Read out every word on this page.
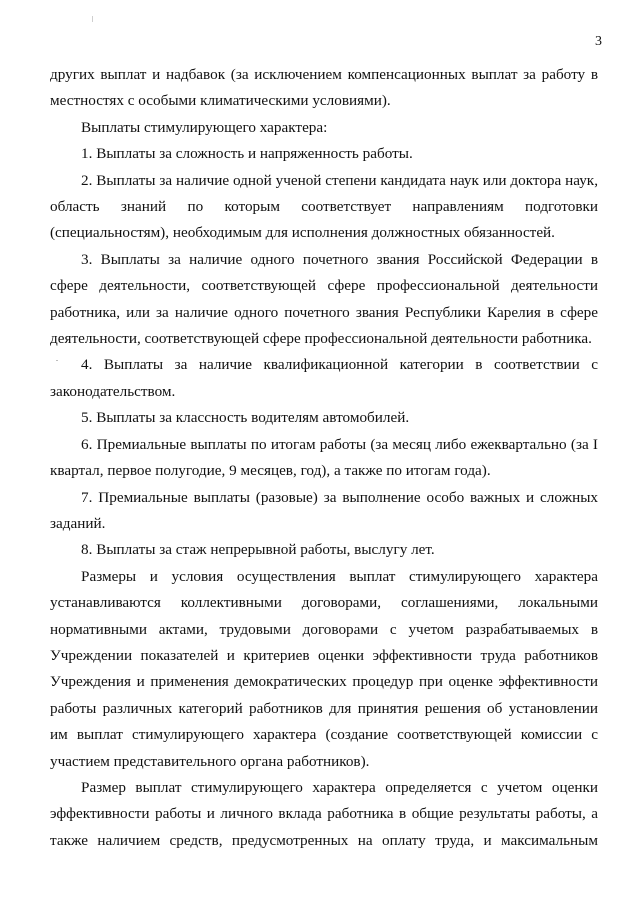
3

других выплат и надбавок (за исключением компенсационных выплат за работу в местностях с особыми климатическими условиями).

Выплаты стимулирующего характера:

1. Выплаты за сложность и напряженность работы.

2. Выплаты за наличие одной ученой степени кандидата наук или доктора наук, область знаний по которым соответствует направлениям подготовки (специальностям), необходимым для исполнения должностных обязанностей.

3. Выплаты за наличие одного почетного звания Российской Федерации в сфере деятельности, соответствующей сфере профессиональной деятельности работника, или за наличие одного почетного звания Республики Карелия в сфере деятельности, соответствующей сфере профессиональной деятельности работника.

4. Выплаты за наличие квалификационной категории в соответствии с законодательством.

5. Выплаты за классность водителям автомобилей.

6. Премиальные выплаты по итогам работы (за месяц либо ежеквартально (за I квартал, первое полугодие, 9 месяцев, год), а также по итогам года).

7. Премиальные выплаты (разовые) за выполнение особо важных и сложных заданий.

8. Выплаты за стаж непрерывной работы, выслугу лет.

Размеры и условия осуществления выплат стимулирующего характера устанавливаются коллективными договорами, соглашениями, локальными нормативными актами, трудовыми договорами с учетом разрабатываемых в Учреждении показателей и критериев оценки эффективности труда работников Учреждения и применения демократических процедур при оценке эффективности работы различных категорий работников для принятия решения об установлении им выплат стимулирующего характера (создание соответствующей комиссии с участием представительного органа работников).

Размер выплат стимулирующего характера определяется с учетом оценки эффективности работы и личного вклада работника в общие результаты работы, а также наличием средств, предусмотренных на оплату труда, и максимальным
